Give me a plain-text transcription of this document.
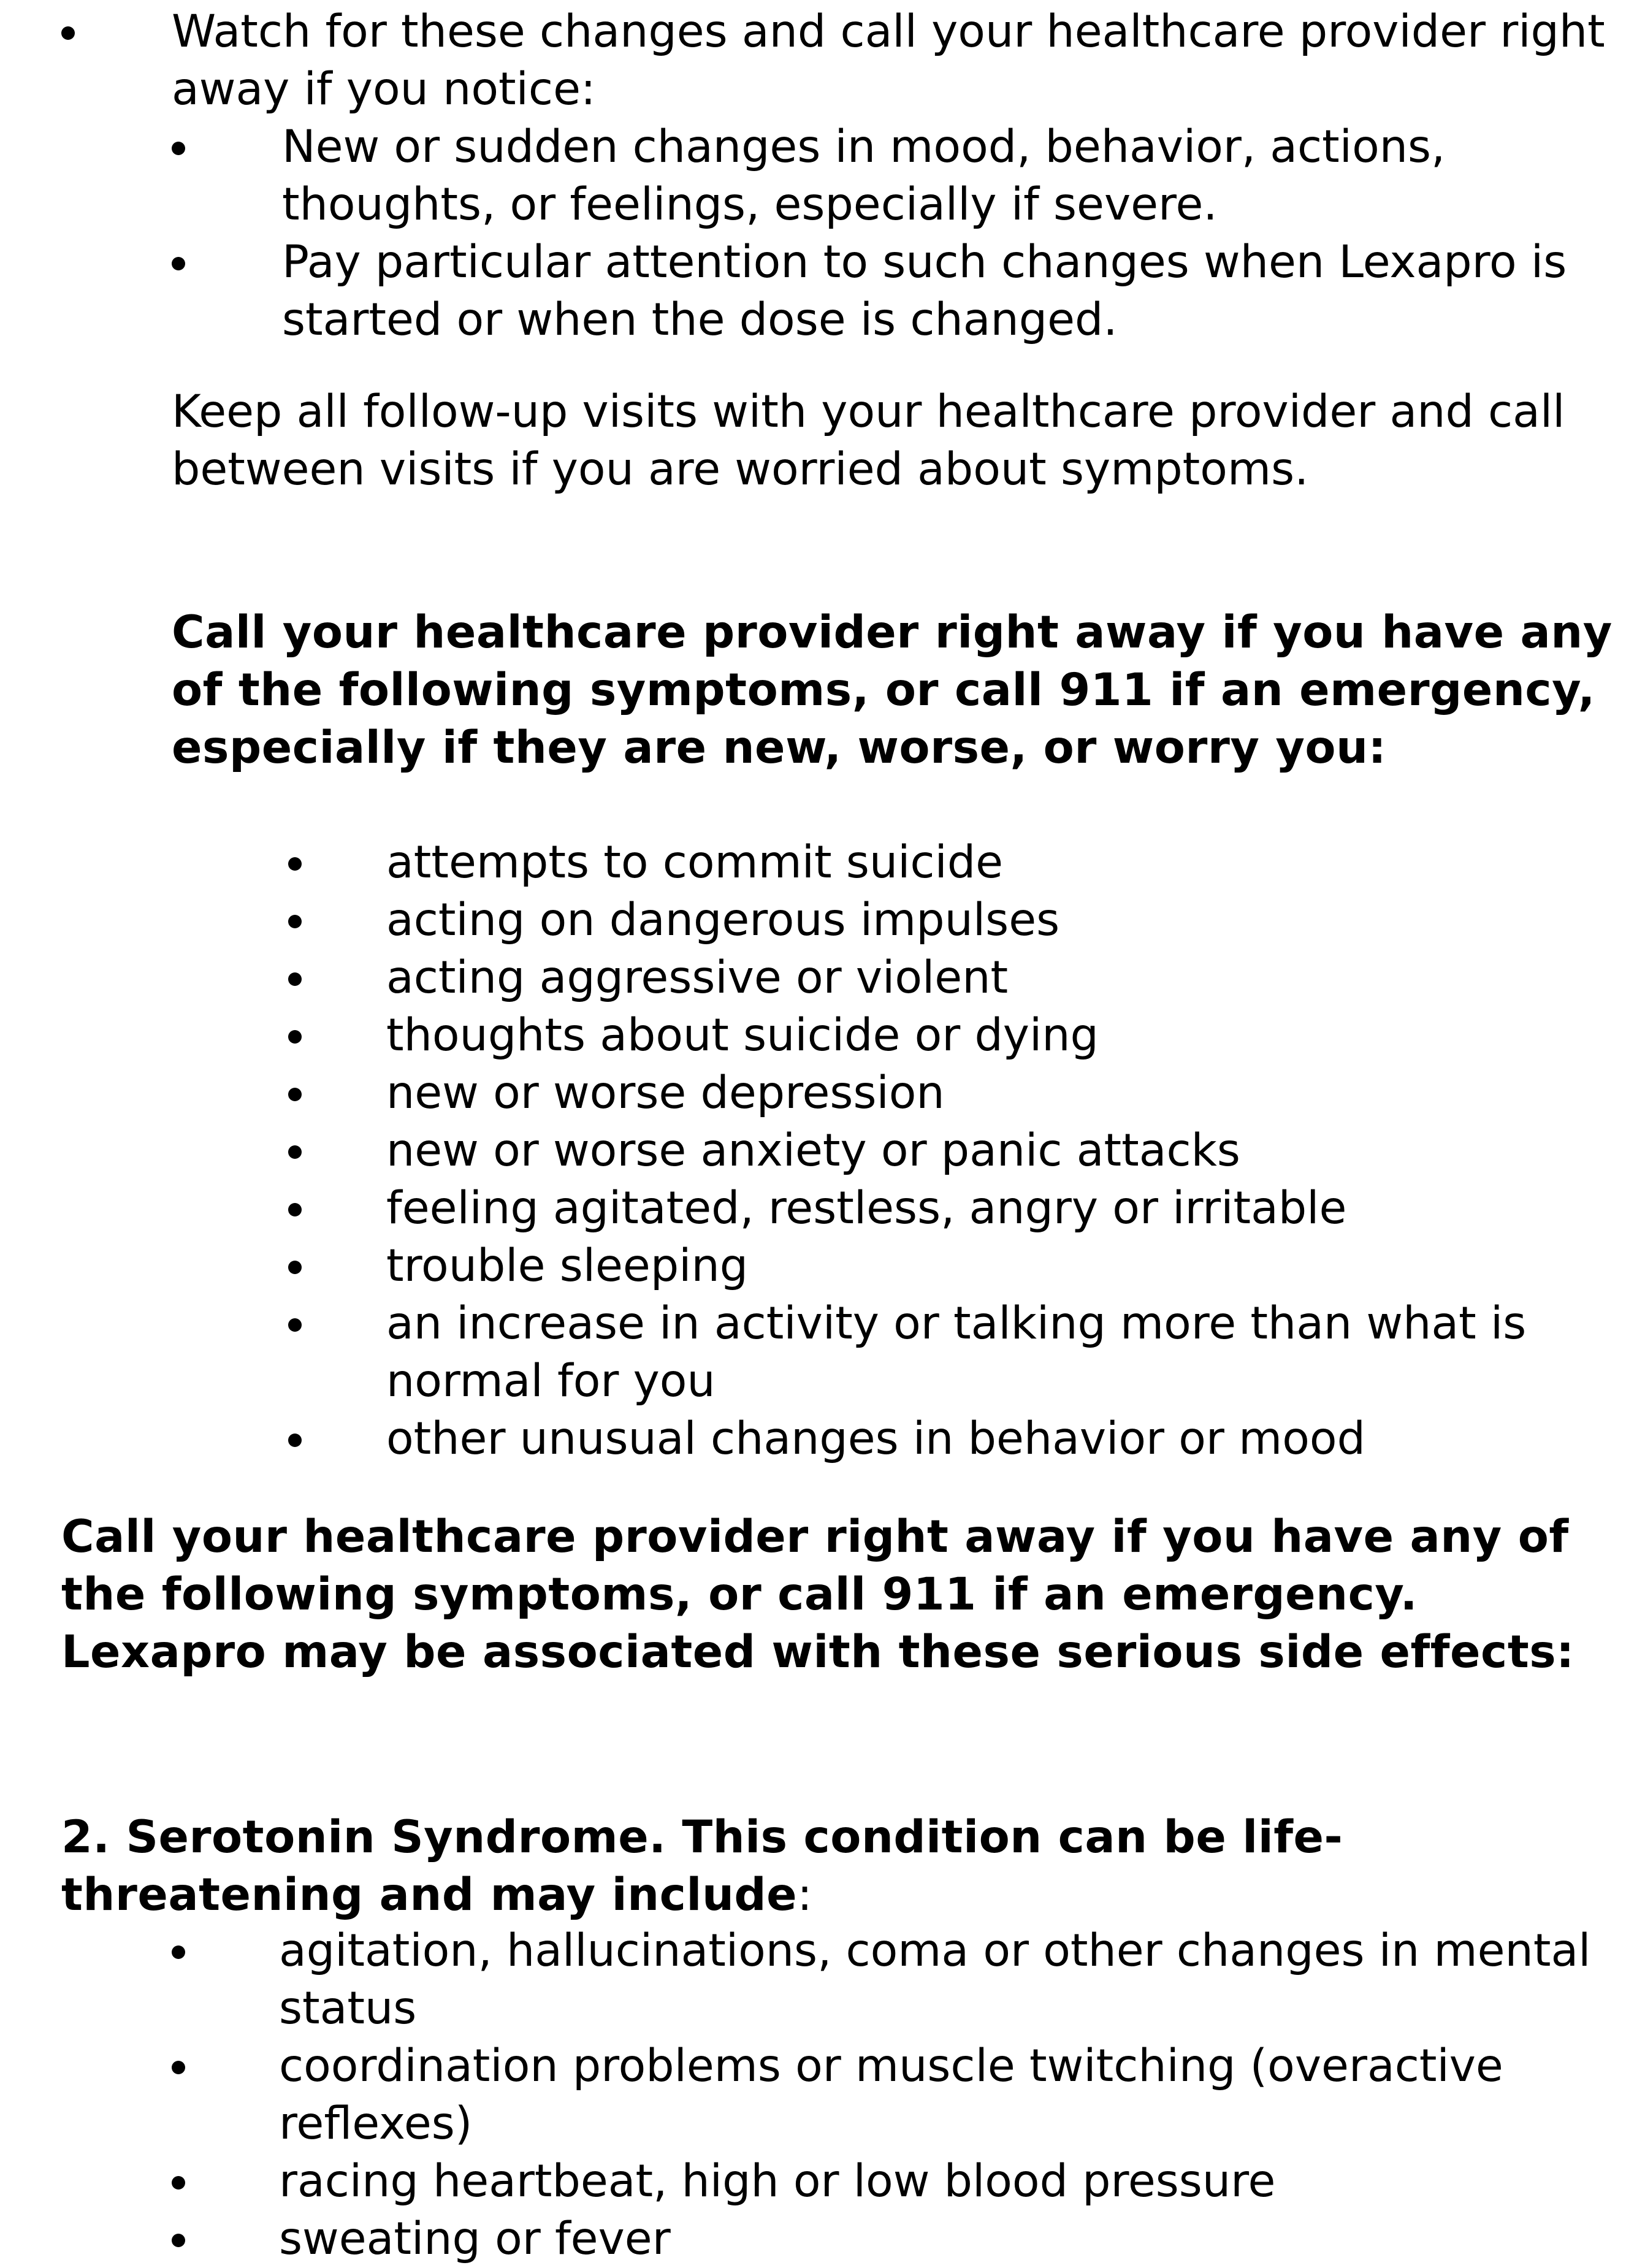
Watch for these changes and call your healthcare provider right away if you notice:
New or sudden changes in mood, behavior, actions, thoughts, or feelings, especially if severe.
Pay particular attention to such changes when Lexapro is started or when the dose is changed.

Keep all follow-up visits with your healthcare provider and call between visits if you are worried about symptoms.

Call your healthcare provider right away if you have any of the following symptoms, or call 911 if an emergency, especially if they are new, worse, or worry you:

attempts to commit suicide
acting on dangerous impulses
acting aggressive or violent
thoughts about suicide or dying
new or worse depression
new or worse anxiety or panic attacks
feeling agitated, restless, angry or irritable
trouble sleeping
an increase in activity or talking more than what is normal for you
other unusual changes in behavior or mood

Call your healthcare provider right away if you have any of the following symptoms, or call 911 if an emergency. Lexapro may be associated with these serious side effects:

2. Serotonin Syndrome. This condition can be life-threatening and may include:

agitation, hallucinations, coma or other changes in mental status
coordination problems or muscle twitching (overactive reflexes)
racing heartbeat, high or low blood pressure
sweating or fever
